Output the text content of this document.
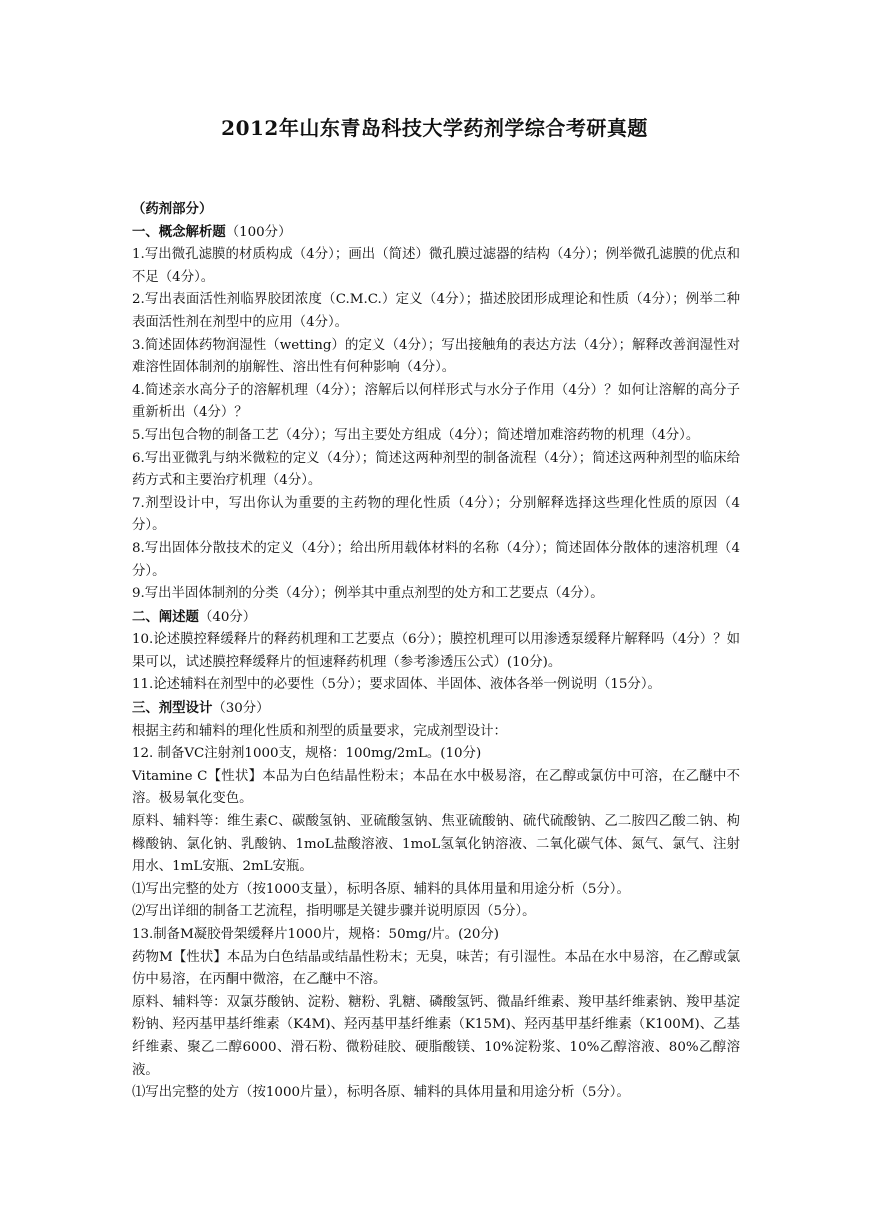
2012年山东青岛科技大学药剂学综合考研真题

（药剂部分）

一、概念解析题（100分）

1.写出微孔滤膜的材质构成（4分）；画出（简述）微孔膜过滤器的结构（4分）；例举微孔滤膜的优点和不足（4分）。

2.写出表面活性剂临界胶团浓度（C.M.C.）定义（4分）；描述胶团形成理论和性质（4分）；例举二种表面活性剂在剂型中的应用（4分）。

3.简述固体药物润湿性（wetting）的定义（4分）；写出接触角的表达方法（4分）；解释改善润湿性对难溶性固体制剂的崩解性、溶出性有何种影响（4分）。

4.简述亲水高分子的溶解机理（4分）；溶解后以何样形式与水分子作用（4分）？如何让溶解的高分子重新析出（4分）？

5.写出包合物的制备工艺（4分）；写出主要处方组成（4分）；简述增加难溶药物的机理（4分）。

6.写出亚微乳与纳米微粒的定义（4分）；简述这两种剂型的制备流程（4分）；简述这两种剂型的临床给药方式和主要治疗机理（4分）。

7.剂型设计中，写出你认为重要的主药物的理化性质（4分）；分别解释选择这些理化性质的原因（4分）。

8.写出固体分散技术的定义（4分）；给出所用载体材料的名称（4分）；简述固体分散体的速溶机理（4分）。

9.写出半固体制剂的分类（4分）；例举其中重点剂型的处方和工艺要点（4分）。

二、阐述题（40分）

10.论述膜控释缓释片的释药机理和工艺要点（6分）；膜控机理可以用渗透泵缓释片解释吗（4分）？如果可以，试述膜控释缓释片的恒速释药机理（参考渗透压公式）(10分)。

11.论述辅料在剂型中的必要性（5分）；要求固体、半固体、液体各举一例说明（15分）。

三、剂型设计（30分）

根据主药和辅料的理化性质和剂型的质量要求，完成剂型设计：

12. 制备VC注射剂1000支，规格：100mg/2mL。(10分)

Vitamine C【性状】本品为白色结晶性粉末；本品在水中极易溶，在乙醇或氯仿中可溶，在乙醚中不溶。极易氧化变色。

原料、辅料等：维生素C、碳酸氢钠、亚硫酸氢钠、焦亚硫酸钠、硫代硫酸钠、乙二胺四乙酸二钠、枸橼酸钠、氯化钠、乳酸钠、1moL盐酸溶液、1moL氢氧化钠溶液、二氧化碳气体、氮气、氯气、注射用水、1mL安瓶、2mL安瓶。

⑴写出完整的处方（按1000支量），标明各原、辅料的具体用量和用途分析（5分）。

⑵写出详细的制备工艺流程，指明哪是关键步骤并说明原因（5分）。

13.制备M凝胶骨架缓释片1000片，规格：50mg/片。(20分)

药物M【性状】本品为白色结晶或结晶性粉末；无臭，味苦；有引湿性。本品在水中易溶，在乙醇或氯仿中易溶，在丙酮中微溶，在乙醚中不溶。

原料、辅料等：双氯芬酸钠、淀粉、糖粉、乳糖、磷酸氢钙、微晶纤维素、羧甲基纤维素钠、羧甲基淀粉钠、羟丙基甲基纤维素（K4M)、羟丙基甲基纤维素（K15M)、羟丙基甲基纤维素（K100M)、乙基纤维素、聚乙二醇6000、滑石粉、微粉硅胶、硬脂酸镁、10%淀粉浆、10%乙醇溶液、80%乙醇溶液。

⑴写出完整的处方（按1000片量），标明各原、辅料的具体用量和用途分析（5分）。
